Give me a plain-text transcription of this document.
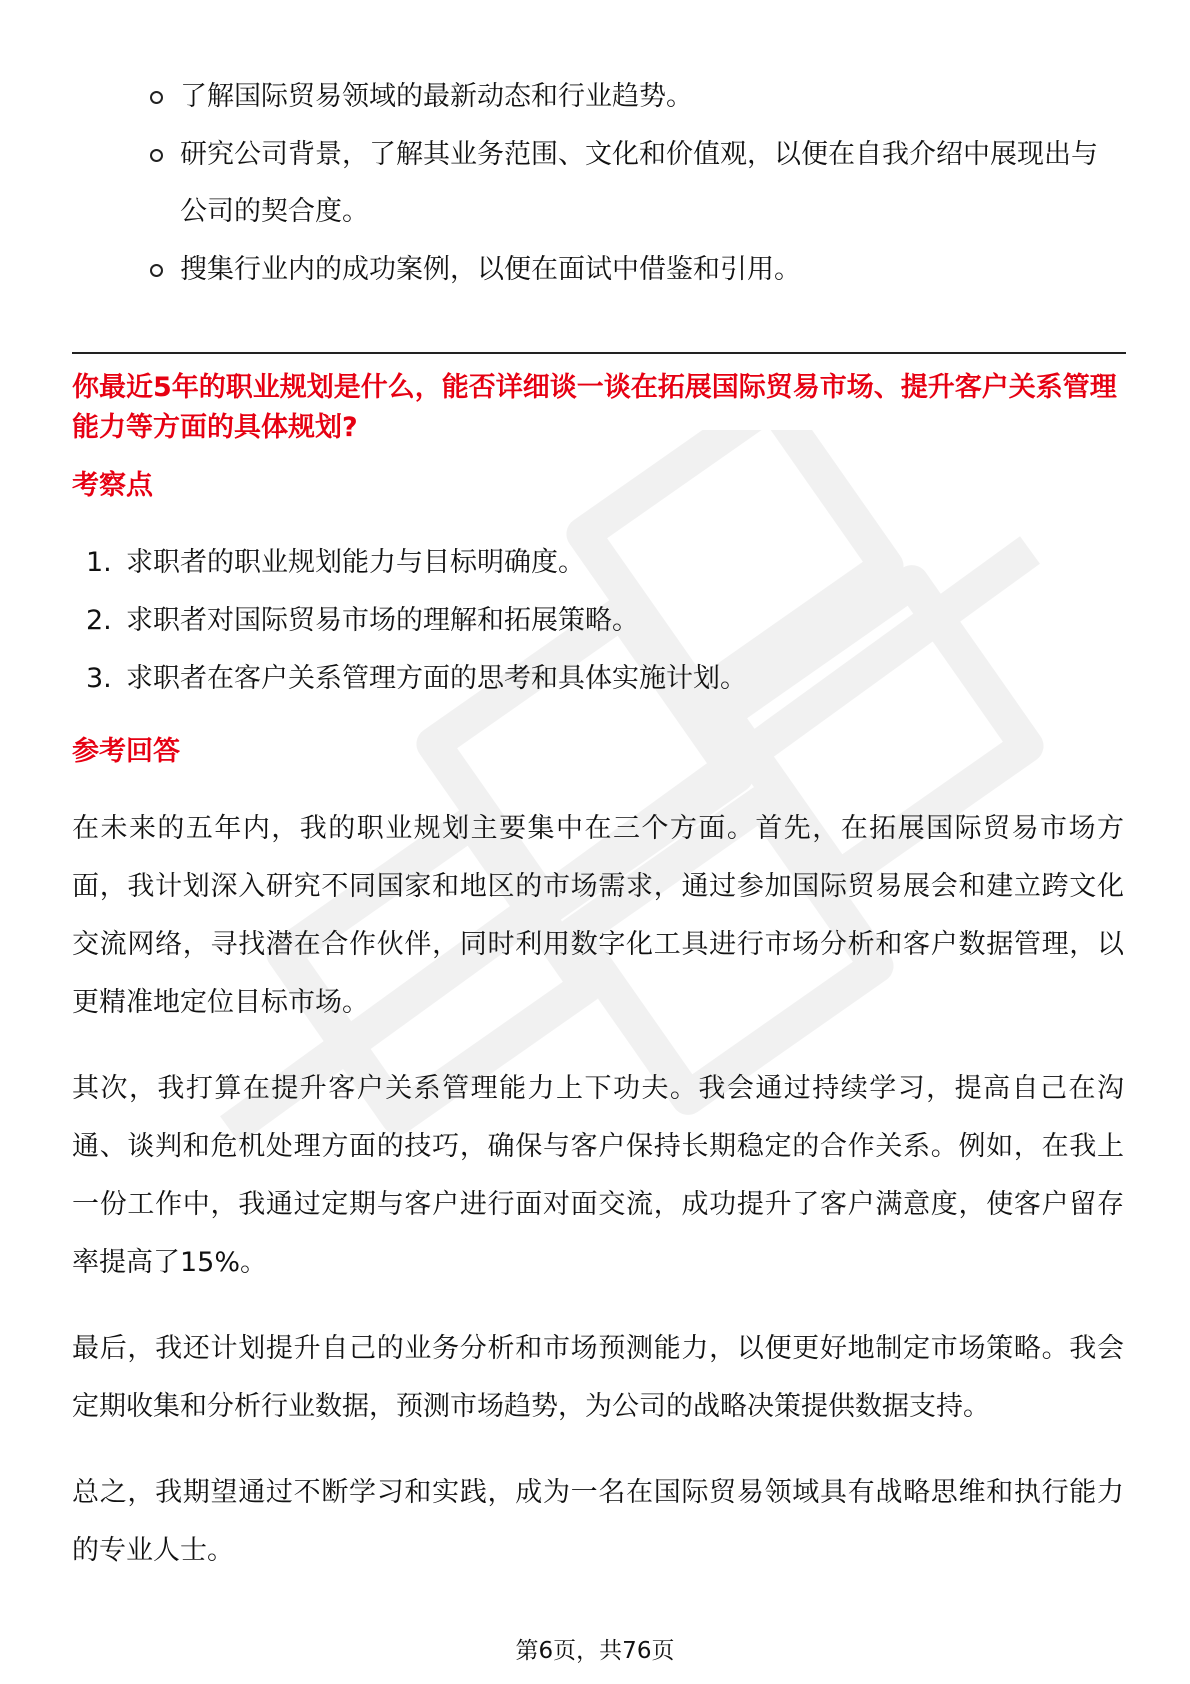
了解国际贸易领域的最新动态和行业趋势。
研究公司背景，了解其业务范围、文化和价值观，以便在自我介绍中展现出与公司的契合度。
搜集行业内的成功案例，以便在面试中借鉴和引用。
你最近5年的职业规划是什么，能否详细谈一谈在拓展国际贸易市场、提升客户关系管理能力等方面的具体规划?
考察点
1. 求职者的职业规划能力与目标明确度。
2. 求职者对国际贸易市场的理解和拓展策略。
3. 求职者在客户关系管理方面的思考和具体实施计划。
参考回答

在未来的五年内，我的职业规划主要集中在三个方面。首先，在拓展国际贸易市场方面，我计划深入研究不同国家和地区的市场需求，通过参加国际贸易展会和建立跨文化交流网络，寻找潜在合作伙伴，同时利用数字化工具进行市场分析和客户数据管理，以更精准地定位目标市场。

其次，我打算在提升客户关系管理能力上下功夫。我会通过持续学习，提高自己在沟通、谈判和危机处理方面的技巧，确保与客户保持长期稳定的合作关系。例如，在我上一份工作中，我通过定期与客户进行面对面交流，成功提升了客户满意度，使客户留存率提高了15%。

最后，我还计划提升自己的业务分析和市场预测能力，以便更好地制定市场策略。我会定期收集和分析行业数据，预测市场趋势，为公司的战略决策提供数据支持。

总之，我期望通过不断学习和实践，成为一名在国际贸易领域具有战略思维和执行能力的专业人士。

第6页，共76页
